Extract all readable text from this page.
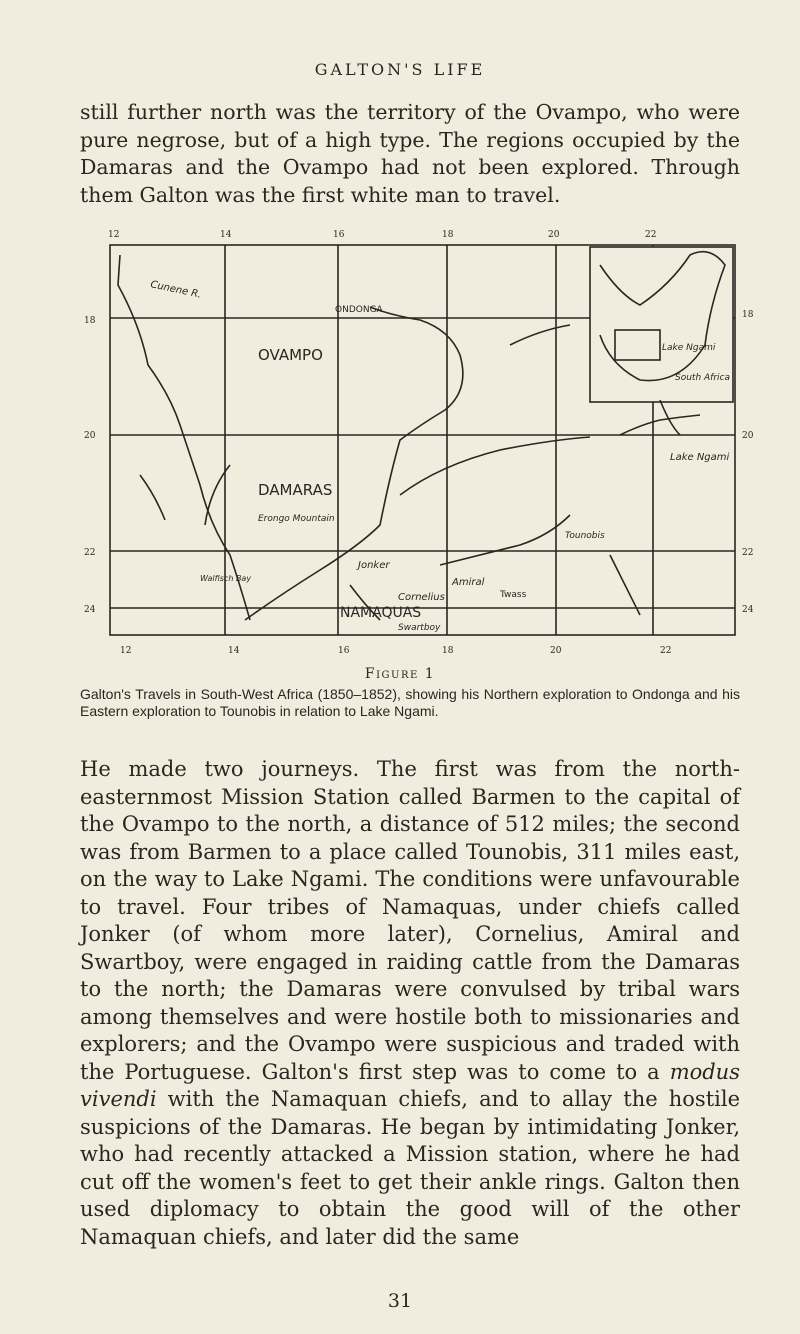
GALTON'S LIFE

still further north was the territory of the Ovampo, who were pure negrose, but of a high type. The regions occupied by the Damaras and the Ovampo had not been explored. Through them Galton was the first white man to travel.

12	14	16	18	20	22
12	14	16	18	20	22
18
20
22
24
18
20
22
24
Cunene R.
ONDONGA
OVAMPO
DAMARAS
Erongo Mountain
NAMAQUAS
Jonker
Cornelius
Amiral
Swartboy
Twass
Walfisch Bay
Tounobis
Lake Ngami
Lake Ngami
South Africa
Figure 1

Galton's Travels in South-West Africa (1850–1852), showing his Northern exploration to Ondonga and his Eastern exploration to Tounobis in relation to Lake Ngami.

He made two journeys. The first was from the north-easternmost Mission Station called Barmen to the capital of the Ovampo to the north, a distance of 512 miles; the second was from Barmen to a place called Tounobis, 311 miles east, on the way to Lake Ngami. The conditions were unfavourable to travel. Four tribes of Namaquas, under chiefs called Jonker (of whom more later), Cornelius, Amiral and Swartboy, were engaged in raiding cattle from the Damaras to the north; the Damaras were convulsed by tribal wars among themselves and were hostile both to missionaries and explorers; and the Ovampo were suspicious and traded with the Portuguese. Galton's first step was to come to a modus vivendi with the Namaquan chiefs, and to allay the hostile suspicions of the Damaras. He began by intimidating Jonker, who had recently attacked a Mission station, where he had cut off the women's feet to get their ankle rings. Galton then used diplomacy to obtain the good will of the other Namaquan chiefs, and later did the same

31
